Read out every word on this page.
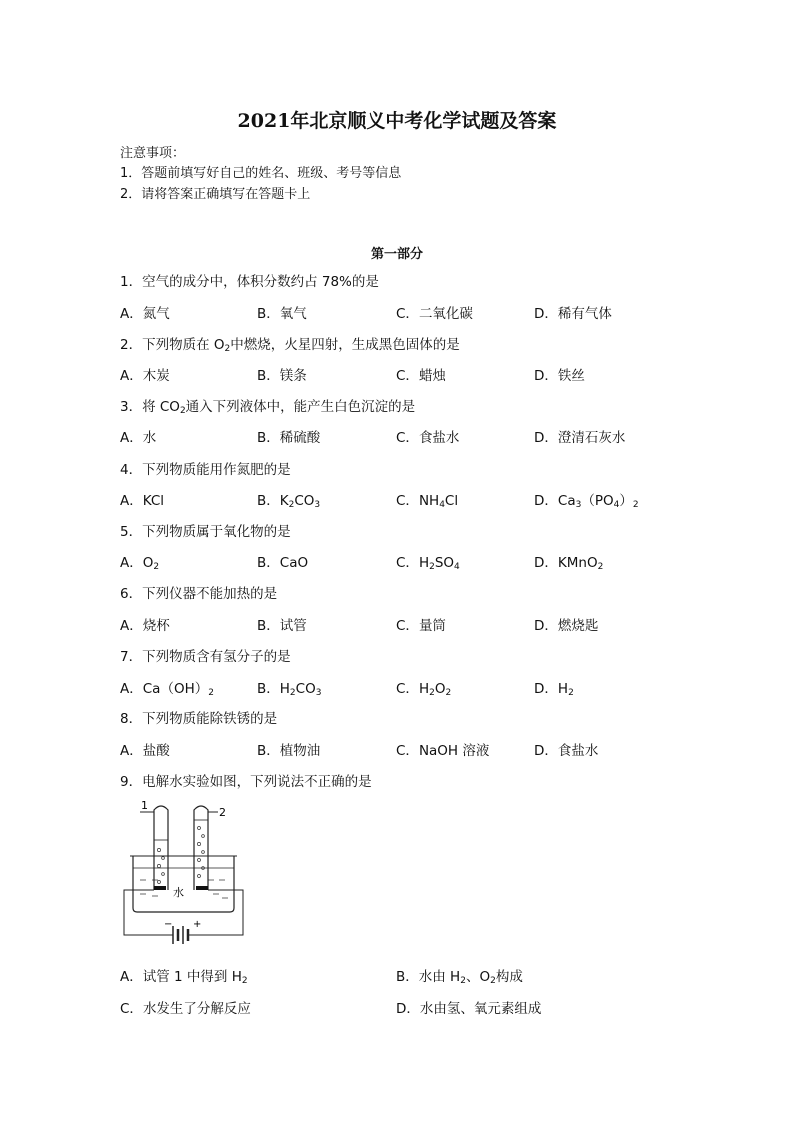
2021年北京顺义中考化学试题及答案
注意事项：
1．答题前填写好自己的姓名、班级、考号等信息
2．请将答案正确填写在答题卡上
第一部分
1．空气的成分中，体积分数约占 78%的是
A．氮气	B．氧气	C．二氧化碳	D．稀有气体
2．下列物质在 $O_2$中燃烧，火星四射，生成黑色固体的是
A．木炭	B．镁条	C．蜡烛	D．铁丝
3．将 $CO_2$通入下列液体中，能产生白色沉淀的是
A．水	B．稀硫酸	C．食盐水	D．澄清石灰水
4．下列物质能用作氮肥的是
A．KCl	B．$K_2CO_3$	C．$NH_4Cl$	D．$Ca_3(PO_4)_2$
5．下列物质属于氧化物的是
A．$O_2$	B．CaO	C．$H_2SO_4$	D．KMnO$_2$
6．下列仪器不能加热的是
A．烧杯	B．试管	C．量筒	D．燃烧匙
7．下列物质含有氢分子的是
A．$Ca(OH)_2$	B．$H_2CO_3$	C．$H_2O_2$	D．$H_2$
8．下列物质能除铁锈的是
A．盐酸	B．植物油	C．NaOH 溶液	D．食盐水
9．电解水实验如图，下列说法不正确的是
A．试管 1 中得到 $H_2$	B．水由 $H_2$、$O_2$构成
C．水发生了分解反应	D．水由氢、氧元素组成
− +
1
2
水
